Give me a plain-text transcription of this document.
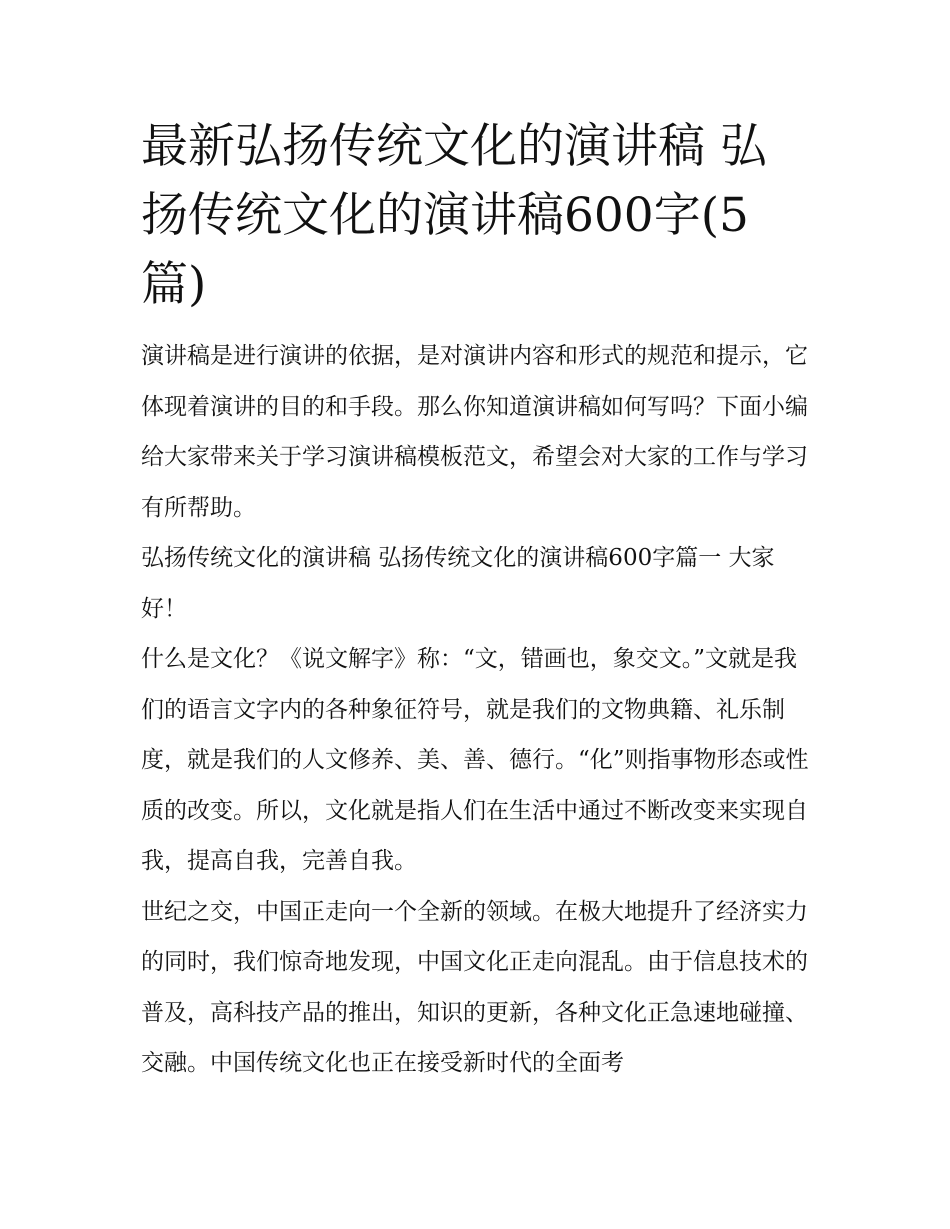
最新弘扬传统文化的演讲稿 弘扬传统文化的演讲稿600字(5篇)

演讲稿是进行演讲的依据，是对演讲内容和形式的规范和提示，它体现着演讲的目的和手段。那么你知道演讲稿如何写吗？下面小编给大家带来关于学习演讲稿模板范文，希望会对大家的工作与学习有所帮助。

弘扬传统文化的演讲稿 弘扬传统文化的演讲稿600字篇一 大家好！

什么是文化？《说文解字》称：“文，错画也，象交文。”文就是我们的语言文字内的各种象征符号，就是我们的文物典籍、礼乐制度，就是我们的人文修养、美、善、德行。“化”则指事物形态或性质的改变。所以，文化就是指人们在生活中通过不断改变来实现自我，提高自我，完善自我。

世纪之交，中国正走向一个全新的领域。在极大地提升了经济实力的同时，我们惊奇地发现，中国文化正走向混乱。由于信息技术的普及，高科技产品的推出，知识的更新，各种文化正急速地碰撞、交融。中国传统文化也正在接受新时代的全面考
